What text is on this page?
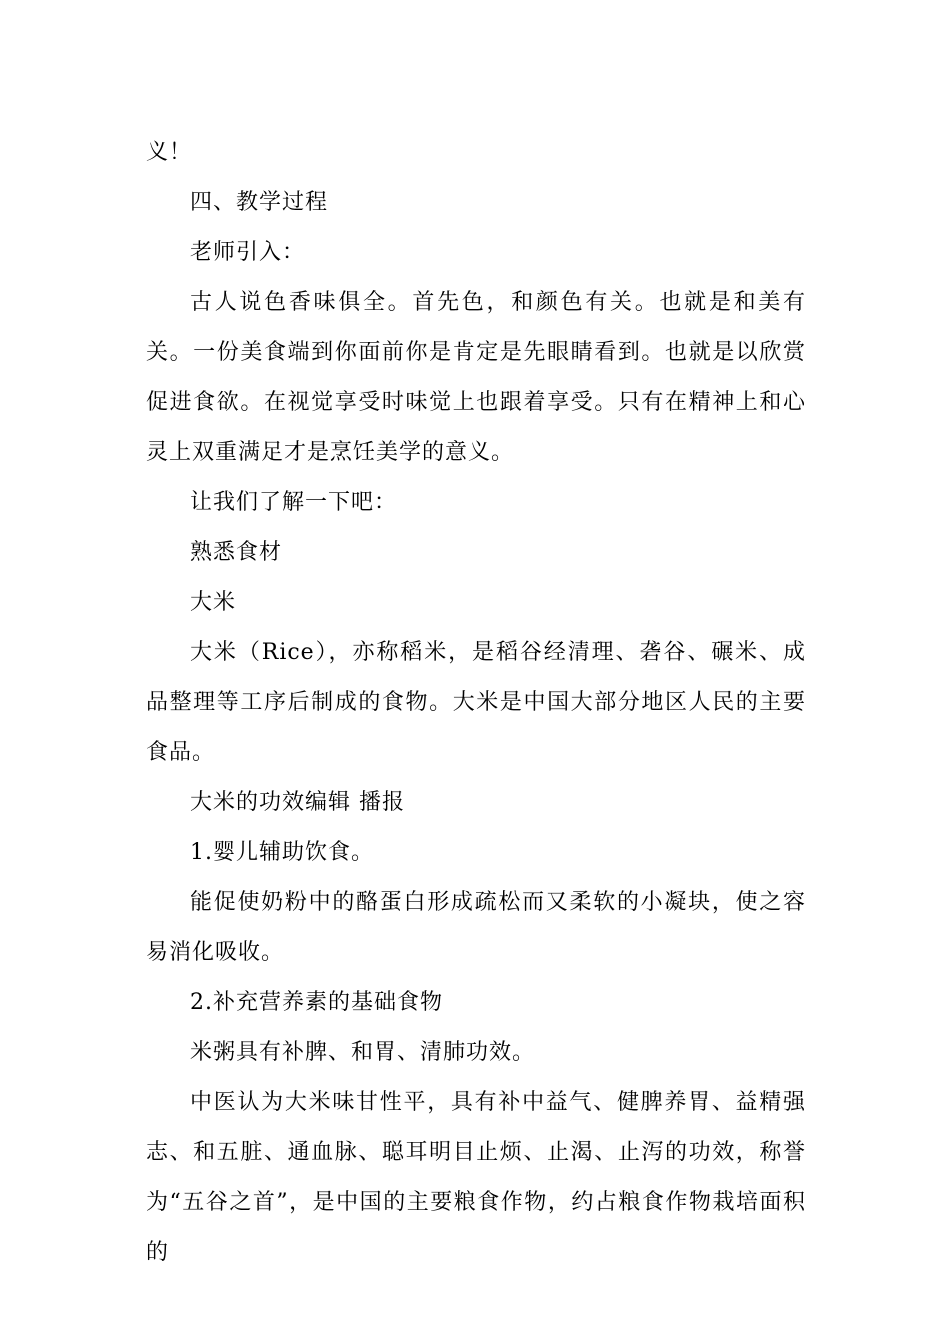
义！

四、教学过程

老师引入：

古人说色香味俱全。首先色，和颜色有关。也就是和美有关。一份美食端到你面前你是肯定是先眼睛看到。也就是以欣赏促进食欲。在视觉享受时味觉上也跟着享受。只有在精神上和心灵上双重满足才是烹饪美学的意义。

让我们了解一下吧：

熟悉食材

大米

大米（Rice），亦称稻米，是稻谷经清理、砻谷、碾米、成品整理等工序后制成的食物。大米是中国大部分地区人民的主要食品。

大米的功效编辑 播报

1.婴儿辅助饮食。

能促使奶粉中的酪蛋白形成疏松而又柔软的小凝块，使之容易消化吸收。

2.补充营养素的基础食物

米粥具有补脾、和胃、清肺功效。

中医认为大米味甘性平，具有补中益气、健脾养胃、益精强志、和五脏、通血脉、聪耳明目止烦、止渴、止泻的功效，称誉为“五谷之首”，是中国的主要粮食作物，约占粮食作物栽培面积的
